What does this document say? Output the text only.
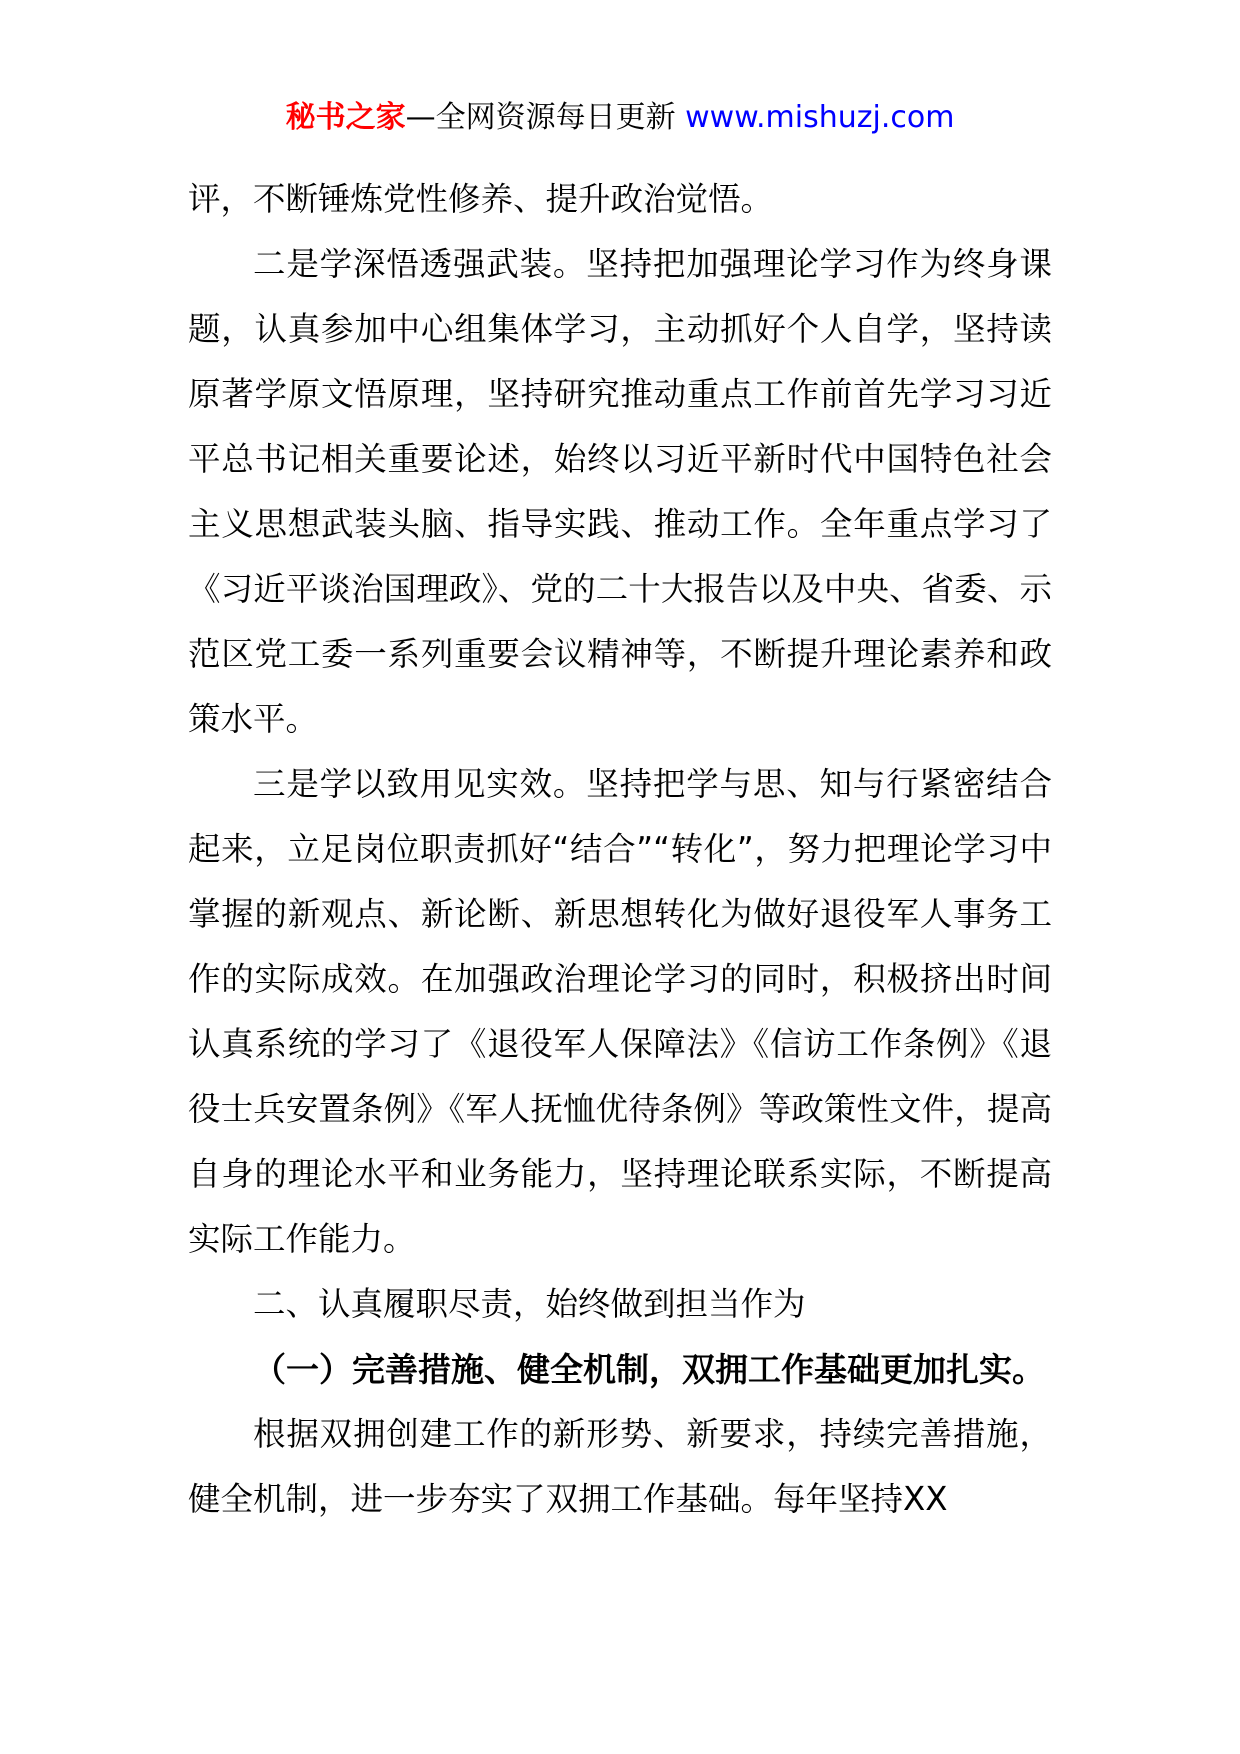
秘书之家—全网资源每日更新 www.mishuzj.com

评，不断锤炼党性修养、提升政治觉悟。

二是学深悟透强武装。坚持把加强理论学习作为终身课题，认真参加中心组集体学习，主动抓好个人自学，坚持读原著学原文悟原理，坚持研究推动重点工作前首先学习习近平总书记相关重要论述，始终以习近平新时代中国特色社会主义思想武装头脑、指导实践、推动工作。全年重点学习了《习近平谈治国理政》、党的二十大报告以及中央、省委、示范区党工委一系列重要会议精神等，不断提升理论素养和政策水平。

三是学以致用见实效。坚持把学与思、知与行紧密结合起来，立足岗位职责抓好“结合”“转化”，努力把理论学习中掌握的新观点、新论断、新思想转化为做好退役军人事务工作的实际成效。在加强政治理论学习的同时，积极挤出时间认真系统的学习了《退役军人保障法》《信访工作条例》《退役士兵安置条例》《军人抚恤优待条例》等政策性文件，提高自身的理论水平和业务能力，坚持理论联系实际，不断提高实际工作能力。

二、认真履职尽责，始终做到担当作为

（一）完善措施、健全机制，双拥工作基础更加扎实。

根据双拥创建工作的新形势、新要求，持续完善措施，健全机制，进一步夯实了双拥工作基础。每年坚持XX
